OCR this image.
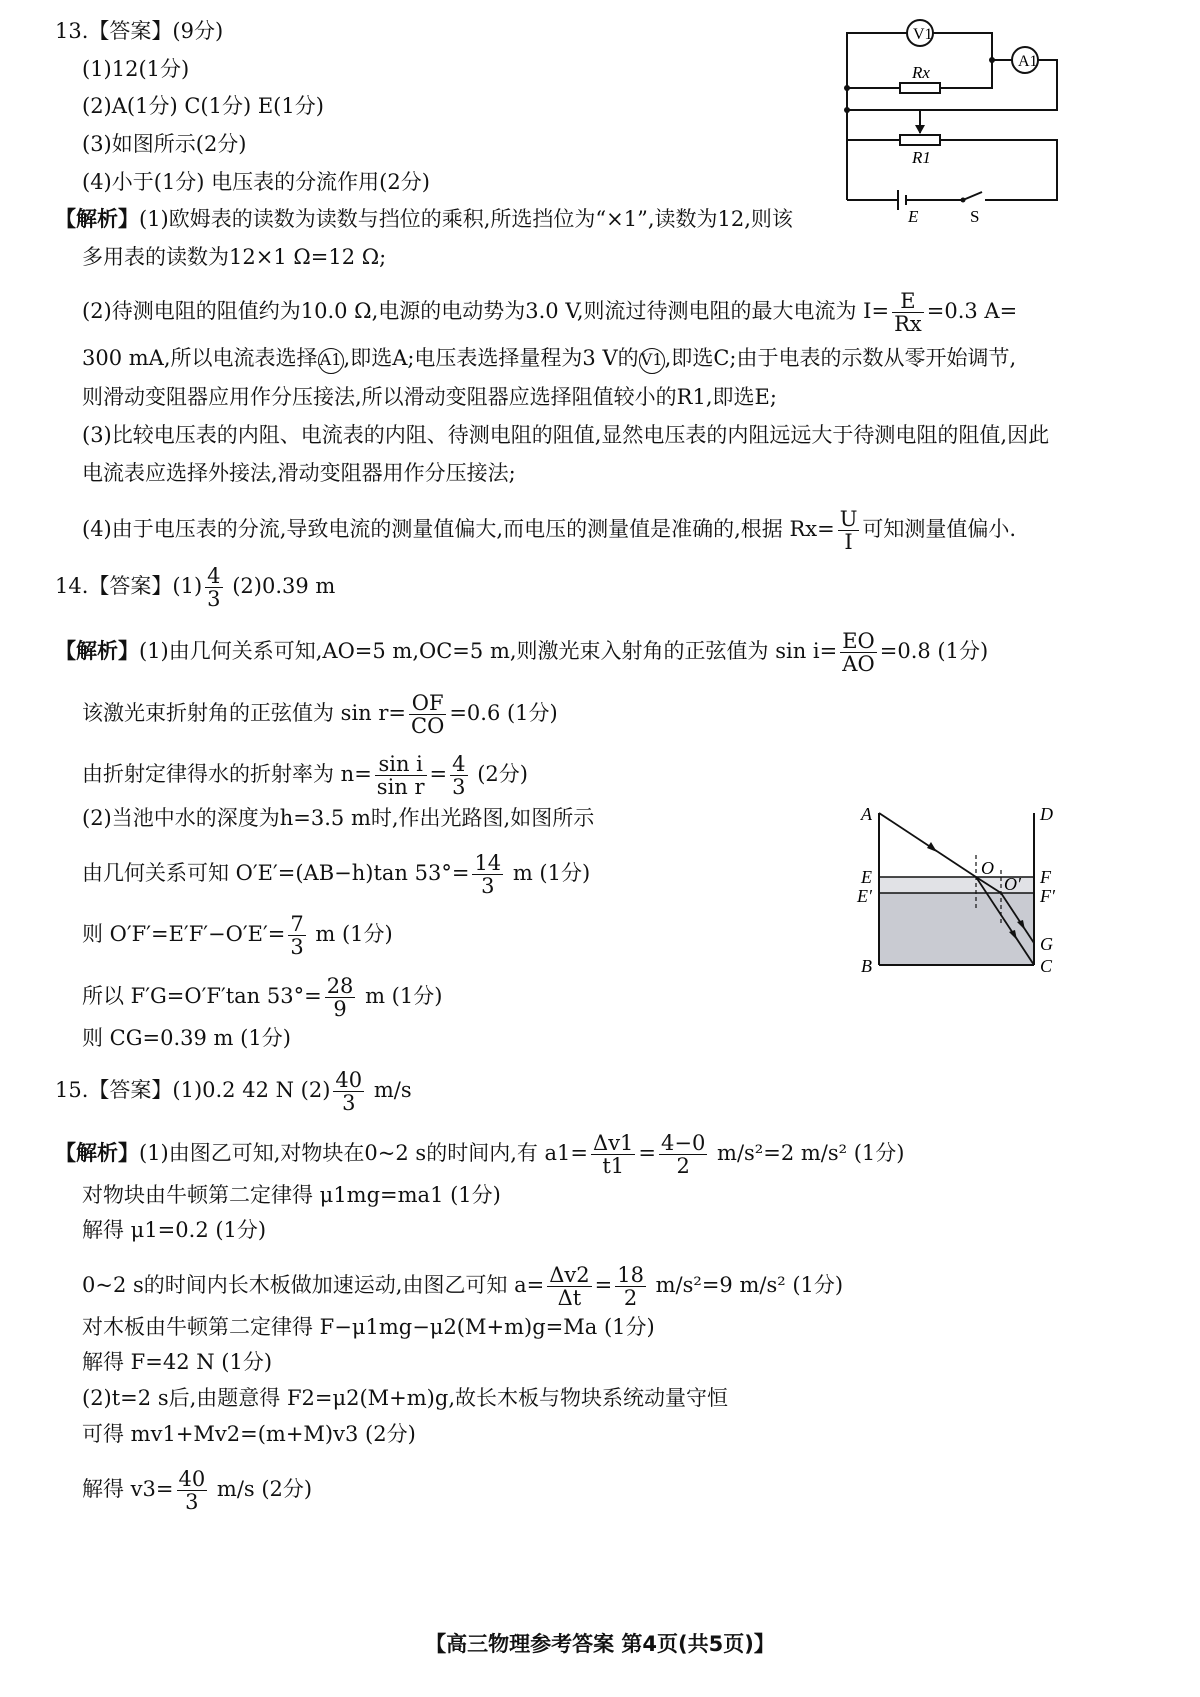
13.【答案】(9分)
(1)12(1分)
(2)A(1分) C(1分) E(1分)
(3)如图所示(2分)
(4)小于(1分) 电压表的分流作用(2分)
【解析】(1)欧姆表的读数为读数与挡位的乘积,所选挡位为“×1”,读数为12,则该
多用表的读数为12×1 Ω=12 Ω;
(2)待测电阻的阻值约为10.0 Ω,电源的电动势为3.0 V,则流过待测电阻的最大电流为 $I= \frac{E}{Rx} =0.3$ A=
300 mA,所以电流表选择 A1 ,即选A;电压表选择量程为3 V的 V1 ,即选C;由于电表的示数从零开始调节,
则滑动变阻器应用作分压接法,所以滑动变阻器应选择阻值较小的R1,即选E;
(3)比较电压表的内阻、电流表的内阻、待测电阻的阻值,显然电压表的内阻远远大于待测电阻的阻值,因此
电流表应选择外接法,滑动变阻器用作分压接法;
(4)由于电压表的分流,导致电流的测量值偏大,而电压的测量值是准确的,根据 $Rx= \frac{U}{I}$ 可知测量值偏小.
V1
A1
Rx
R1
E	S
14.【答案】$(1) \frac{4}{3} (2)0.39$ m
【解析】(1)由几何关系可知,AO=5 m,OC=5 m,则激光束入射角的正弦值为 $\sin i= \frac{EO}{AO} =0.8$ (1分)
该激光束折射角的正弦值为 $\sin r= \frac{OF}{CO} =0.6$ (1分)
由折射定律得水的折射率为 $n= \frac{\text{sin i}}{\text{sin r}} = \frac{4}{3} (2$分)
(2)当池中水的深度为h=3.5 m时,作出光路图,如图所示
由几何关系可知 O′E′=(AB−h)tan $53^\circ= \frac{14}{3}$ m (1分)
则 $O'F'=E'F'-O'E'= \frac{7}{3}$ m (1分)
所以 F′G=O′F′tan $53^\circ= \frac{28}{9}$ m (1分)
则 CG=0.39 m (1分)
A	D
O
O′
E	F
E′	F′
G
B	C
15.【答案】(1)0.2 42 N $(2) \frac{40}{3} m/s$
【解析】(1)由图乙可知,对物块在0~2 s的时间内,有 $a1= \frac{\Delta v1}{t1} = \frac{4-0}{2} m/s^2=2$ m/s² (1分)
对物块由牛顿第二定律得 μ1mg=ma1 (1分)
解得 μ1=0.2 (1分)
0~2 s的时间内长木板做加速运动,由图乙可知 $a= \frac{\Delta v2}{\Delta t} = \frac{18}{2} m/s^2=9$ m/s² (1分)
对木板由牛顿第二定律得 F−μ1mg−μ2(M+m)g=Ma (1分)
解得 F=42 N (1分)
(2)t=2 s后,由题意得 F2=μ2(M+m)g,故长木板与物块系统动量守恒
可得 mv1+Mv2=(m+M)v3 (2分)
解得 $v3= \frac{40}{3} m/s$ (2分)
【高三物理参考答案 第4页(共5页)】
